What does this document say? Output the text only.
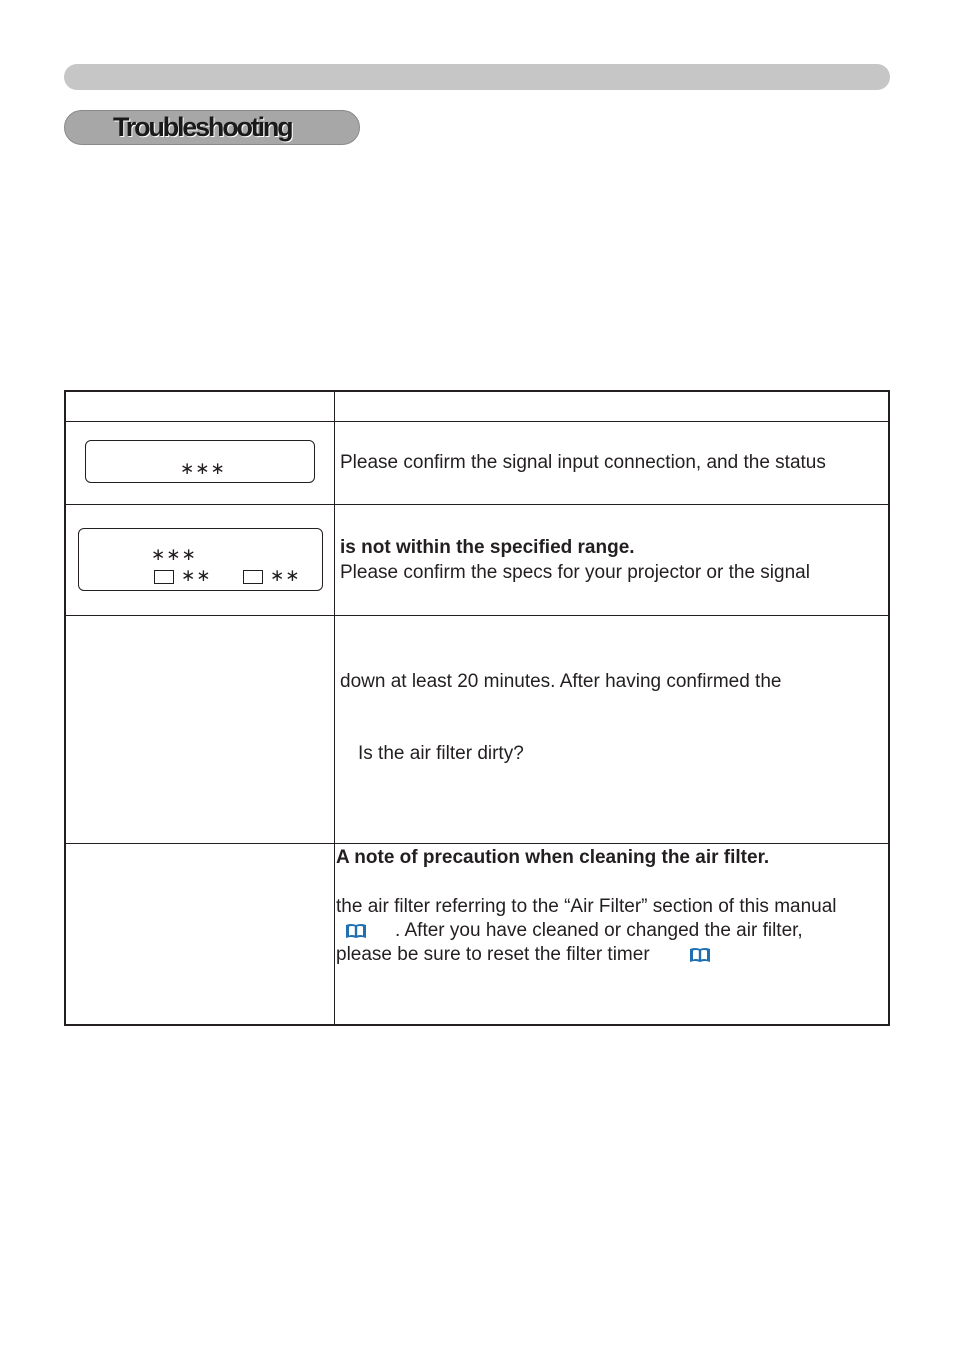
Troubleshooting
∗∗∗	Please confirm the signal input connection, and the status
∗∗∗
∗∗	∗∗
is not within the specified range.
Please confirm the specs for your projector or the signal
down at least 20 minutes. After having confirmed the
Is the air filter dirty?
A note of precaution when cleaning the air filter.
the air filter referring to the “Air Filter” section of this manual
. After you have cleaned or changed the air filter,
please be sure to reset the filter timer
